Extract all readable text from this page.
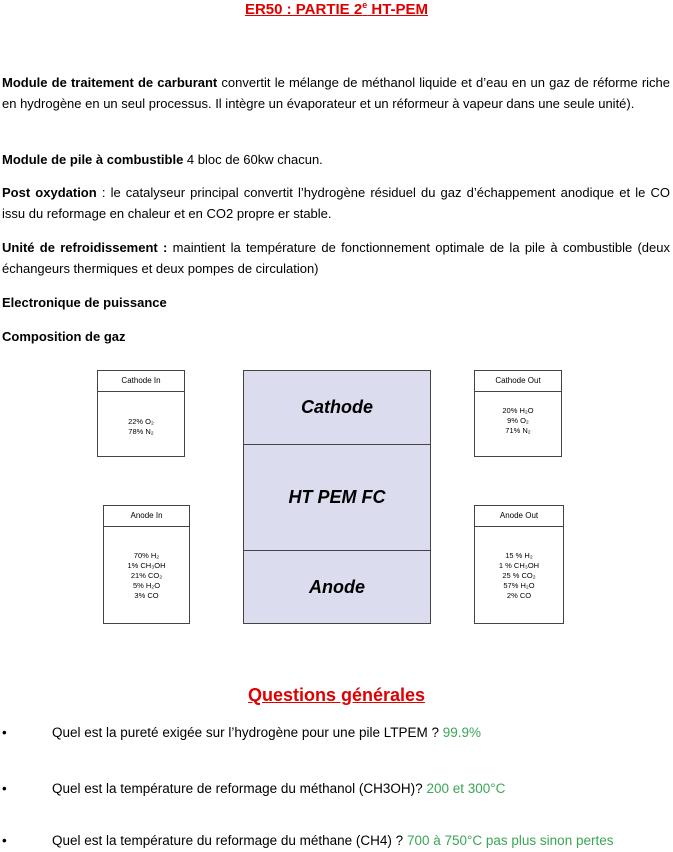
ER50 : PARTIE 2e HT-PEM
Module de traitement de carburant convertit le mélange de méthanol liquide et d’eau en un gaz de réforme riche en hydrogène en un seul processus. Il intègre un évaporateur et un réformeur à vapeur dans une seule unité).
Module de pile à combustible 4 bloc de 60kw chacun.
Post oxydation : le catalyseur principal convertit l’hydrogène résiduel du gaz d’échappement anodique et le CO issu du reformage en chaleur et en CO2 propre er stable.
Unité de refroidissement : maintient la température de fonctionnement optimale de la pile à combustible (deux échangeurs thermiques et deux pompes de circulation)
Electronique de puissance
Composition de gaz
Cathode In
22% O₂
78% N₂
Cathode Out
20% H₂O
9% O₂
71% N₂
Anode In
70% H₂
1% CH₃OH
21% CO₂
5% H₂O
3% CO
Anode Out
15 % H₂
1 % CH₃OH
25 % CO₂
57% H₂O
2% CO
Cathode
HT PEM FC
Anode
Questions générales
•	Quel est la pureté exigée sur l’hydrogène pour une pile LTPEM ? 99.9%
•	Quel est la température de reformage du méthanol (CH3OH)? 200 et 300°C
•	Quel est la température du reformage du méthane (CH4) ? 700 à 750°C pas plus sinon pertes
